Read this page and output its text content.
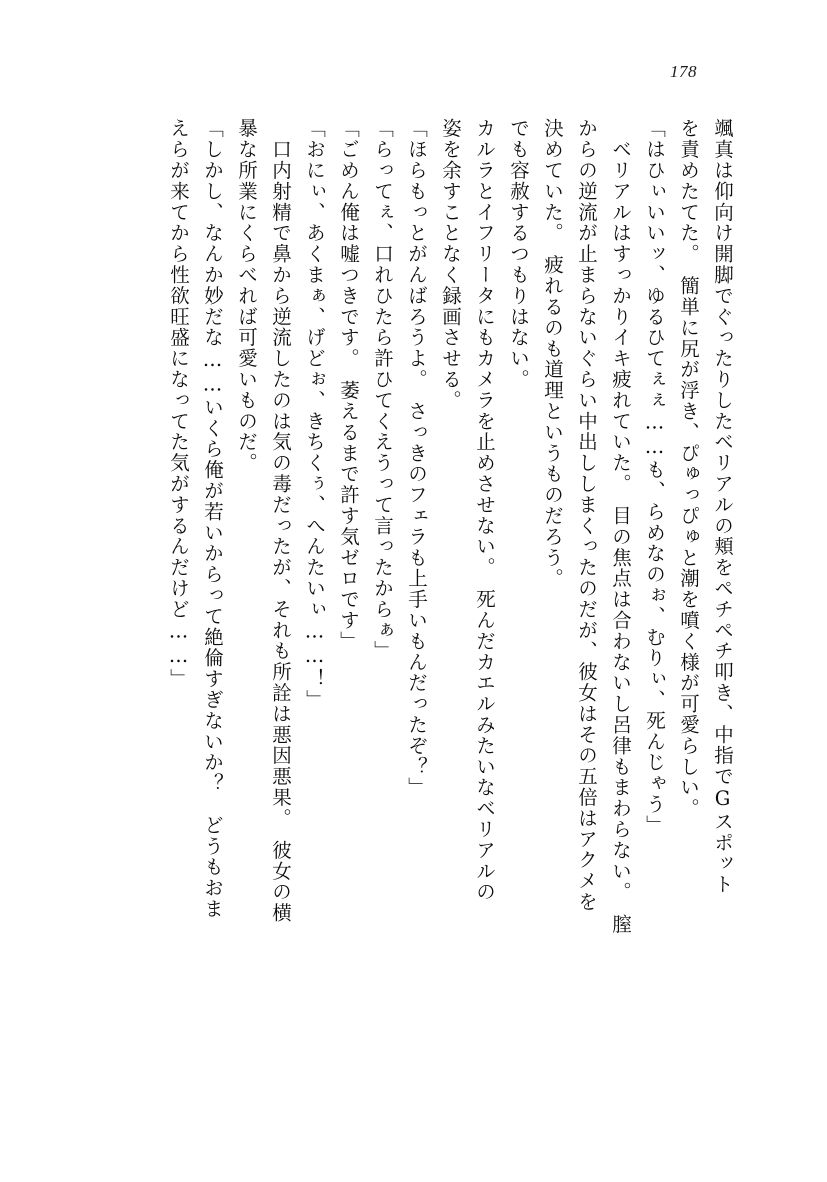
178
颯真は仰向け開脚でぐったりしたベリアルの頬をペチペチ叩き、中指でGスポット
を責めたてた。　簡単に尻が浮き、ぴゅっぴゅと潮を噴く様が可愛らしい。
「はひぃいいッ、ゆるひてぇぇ……も、らめなのぉ、むりぃ、死んじゃう」
　ベリアルはすっかりイキ疲れていた。　目の焦点は合わないし呂律もまわらない。　膣
からの逆流が止まらないぐらい中出ししまくったのだが、彼女はその五倍はアクメを
決めていた。　疲れるのも道理というものだろう。
でも容赦するつもりはない。
カルラとイフリータにもカメラを止めさせない。　死んだカエルみたいなベリアルの
姿を余すことなく録画させる。
「ほらもっとがんばろうよ。　さっきのフェラも上手いもんだったぞ？」
「らってぇ、口れひたら許ひてくえうって言ったからぁ」
「ごめん俺は嘘つきです。　萎えるまで許す気ゼロです」
「おにぃ、あくまぁ、げどぉ、きちくぅ、へんたいぃ……！」
　口内射精で鼻から逆流したのは気の毒だったが、それも所詮は悪因悪果。　彼女の横
暴な所業にくらべれば可愛いものだ。
「しかし、なんか妙だな……いくら俺が若いからって絶倫すぎないか？　どうもおま
えらが来てから性欲旺盛になってた気がするんだけど……」
